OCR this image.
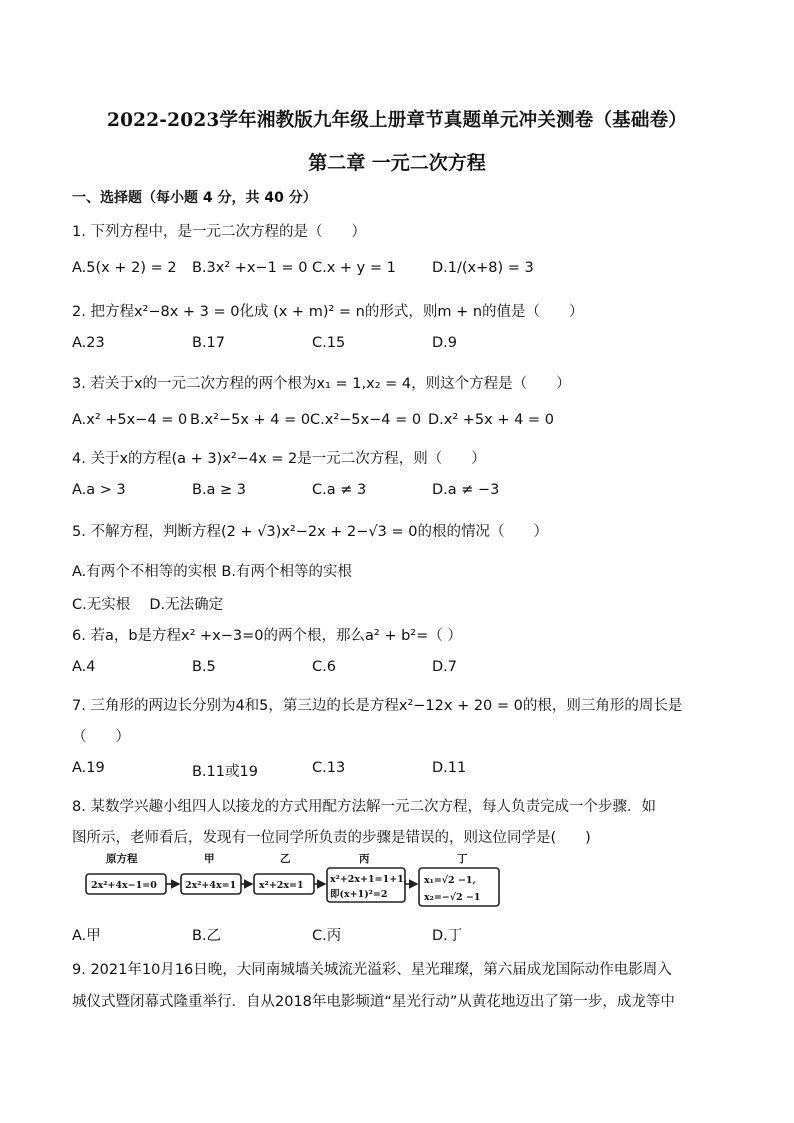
2022-2023学年湘教版九年级上册章节真题单元冲关测卷（基础卷）
第二章 一元二次方程
一、选择题（每小题 4 分，共 40 分）
1. 下列方程中，是一元二次方程的是（　　）
A.5(x + 2) = 2 B.3x² +x−1 = 0 C.x + y = 1 D.1/(x+8) = 3
2. 把方程x²−8x + 3 = 0化成 (x + m)² = n的形式，则m + n的值是（　　）
A.23	B.17	C.15	D.9
3. 若关于x的一元二次方程的两个根为x₁ = 1,x₂ = 4，则这个方程是（　　）
A.x² +5x−4 = 0 B.x²−5x + 4 = 0 C.x²−5x−4 = 0 D.x² +5x + 4 = 0
4. 关于x的方程(a + 3)x²−4x = 2是一元二次方程，则（　　）
A.a > 3	B.a ≥ 3	C.a ≠ 3	D.a ≠ −3
5. 不解方程，判断方程(2 + √3)x²−2x + 2−√3 = 0的根的情况（　　）
A.有两个不相等的实根 B.有两个相等的实根
C.无实根　 D.无法确定
6. 若a，b是方程x² +x−3=0的两个根，那么a² + b²=（ ）
A.4	B.5	C.6	D.7
7. 三角形的两边长分别为4和5，第三边的长是方程x²−12x + 20 = 0的根，则三角形的周长是
（　　）
A.19	B.11或19	C.13	D.11
8. 某数学兴趣小组四人以接龙的方式用配方法解一元二次方程，每人负责完成一个步骤．如
图所示，老师看后，发现有一位同学所负责的步骤是错误的，则这位同学是(　　)
原方程	甲	乙	丙	丁
2x²+4x−1=0	2x²+4x=1 x²+2x=1
x²+2x+1=1+1,
即(x+1)²=2
x₁=√2 −1,
x₂=−√2 −1
A.甲	B.乙	C.丙	D.丁
9. 2021年10月16日晚，大同南城墙关城流光溢彩、星光璀璨，第六届成龙国际动作电影周入
城仪式暨闭幕式隆重举行．自从2018年电影频道“星光行动”从黄花地迈出了第一步，成龙等中
